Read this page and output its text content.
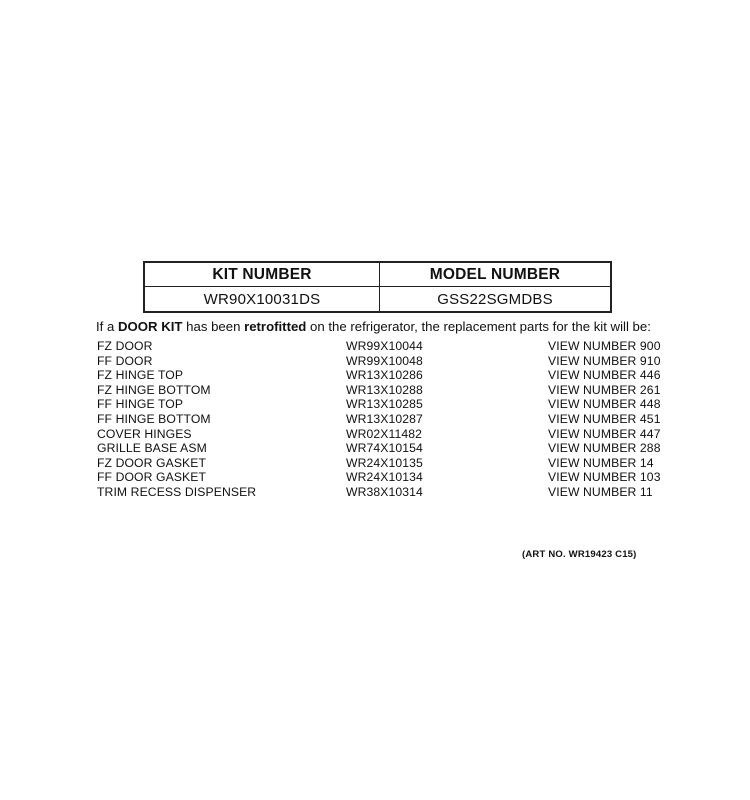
KIT NUMBER	MODEL NUMBER
WR90X10031DS	GSS22SGMDBS
If a DOOR KIT has been retrofitted on the refrigerator, the replacement parts for the kit will be:
FZ DOOR	WR99X10044	VIEW NUMBER 900
FF DOOR	WR99X10048	VIEW NUMBER 910
FZ HINGE TOP	WR13X10286	VIEW NUMBER 446
FZ HINGE BOTTOM	WR13X10288	VIEW NUMBER 261
FF HINGE TOP	WR13X10285	VIEW NUMBER 448
FF HINGE BOTTOM	WR13X10287	VIEW NUMBER 451
COVER HINGES	WR02X11482	VIEW NUMBER 447
GRILLE BASE ASM	WR74X10154	VIEW NUMBER 288
FZ DOOR GASKET	WR24X10135	VIEW NUMBER 14
FF DOOR GASKET	WR24X10134	VIEW NUMBER 103
TRIM RECESS DISPENSER	WR38X10314	VIEW NUMBER 11
(ART NO. WR19423 C15)
